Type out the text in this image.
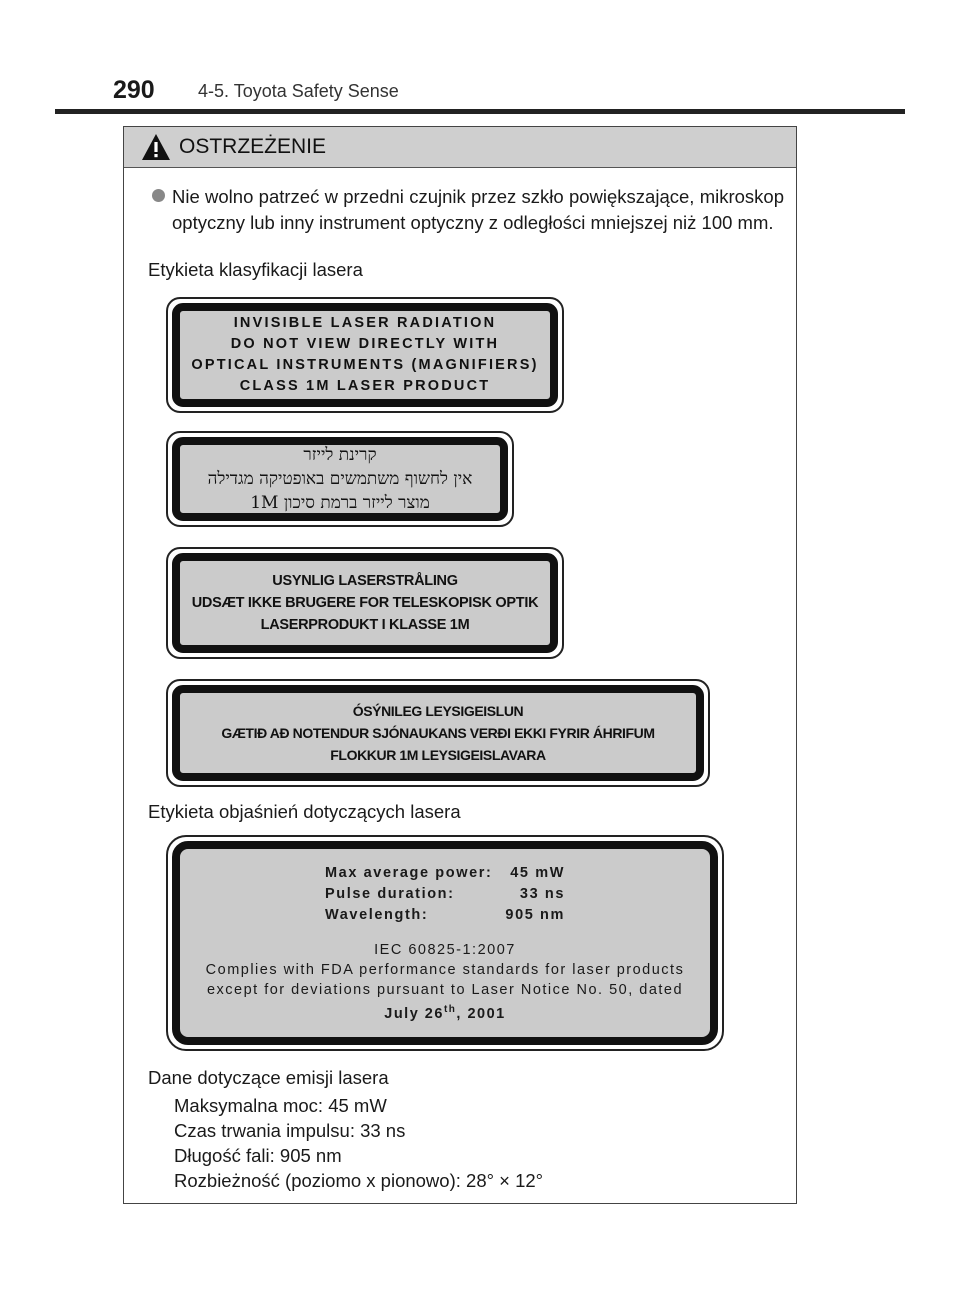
290 4-5. Toyota Safety Sense
OSTRZEŻENIE
Nie wolno patrzeć w przedni czujnik przez szkło powiększające, mikroskop optyczny lub inny instrument optyczny z odległości mniejszej niż 100 mm.
Etykieta klasyfikacji lasera
INVISIBLE LASER RADIATION
DO NOT VIEW DIRECTLY WITH
OPTICAL INSTRUMENTS (MAGNIFIERS)
CLASS 1M LASER PRODUCT
קרינת לייזר
אין לחשוף משתמשים באופטיקה מגדילה
מוצר לייזר ברמת סיכון 1M
USYNLIG LASERSTRÅLING
UDSÆT IKKE BRUGERE FOR TELESKOPISK OPTIK
LASERPRODUKT I KLASSE 1M
ÓSÝNILEG LEYSIGEISLUN
GÆTIÐ AÐ NOTENDUR SJÓNAUKANS VERÐI EKKI FYRIR ÁHRIFUM
FLOKKUR 1M LEYSIGEISLAVARA
Etykieta objaśnień dotyczących lasera
Max average power:	45 mW
Pulse duration:	33 ns
Wavelength:	905 nm
IEC 60825-1:2007
Complies with FDA performance standards for laser products
except for deviations pursuant to Laser Notice No. 50, dated
July 26th, 2001
Dane dotyczące emisji lasera
Maksymalna moc: 45 mW
Czas trwania impulsu: 33 ns
Długość fali: 905 nm
Rozbieżność (poziomo x pionowo): 28° × 12°
